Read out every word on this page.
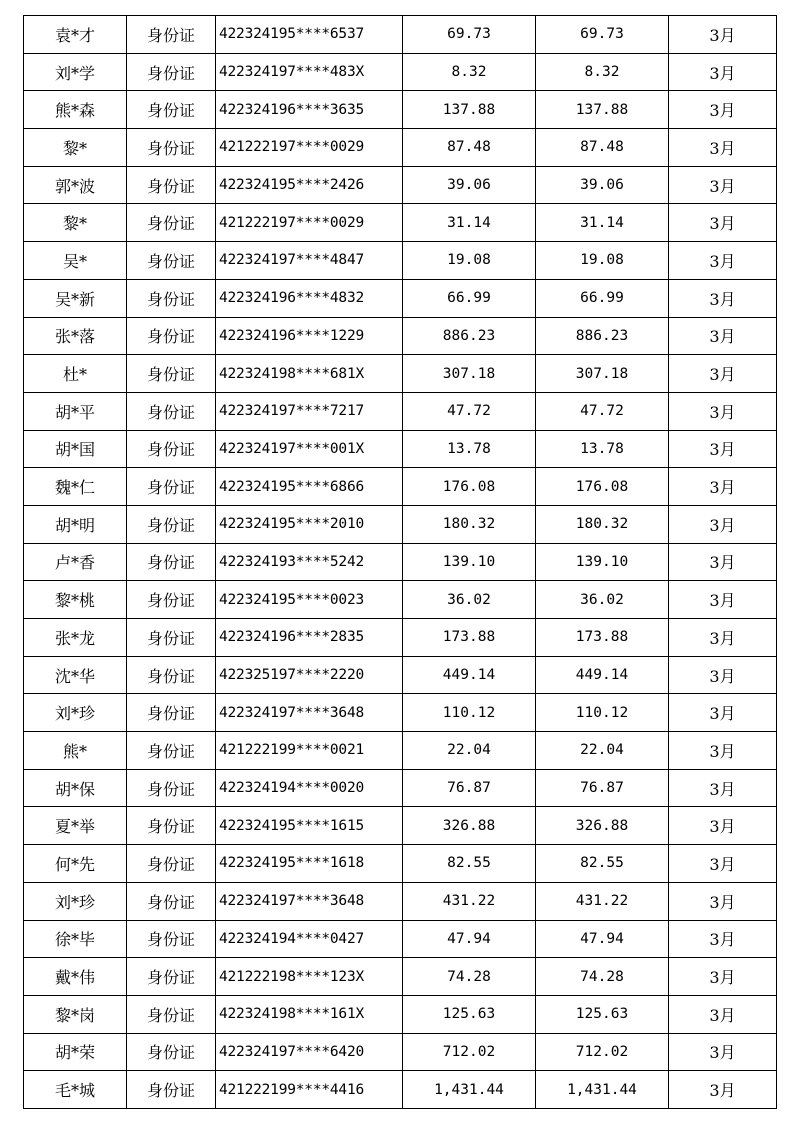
袁*才	身份证	422324195****6537	69.73	69.73	3月
刘*学	身份证	422324197****483X	8.32	8.32	3月
熊*森	身份证	422324196****3635	137.88	137.88	3月
黎*	身份证	421222197****0029	87.48	87.48	3月
郭*波	身份证	422324195****2426	39.06	39.06	3月
黎*	身份证	421222197****0029	31.14	31.14	3月
吴*	身份证	422324197****4847	19.08	19.08	3月
吴*新	身份证	422324196****4832	66.99	66.99	3月
张*落	身份证	422324196****1229	886.23	886.23	3月
杜*	身份证	422324198****681X	307.18	307.18	3月
胡*平	身份证	422324197****7217	47.72	47.72	3月
胡*国	身份证	422324197****001X	13.78	13.78	3月
魏*仁	身份证	422324195****6866	176.08	176.08	3月
胡*明	身份证	422324195****2010	180.32	180.32	3月
卢*香	身份证	422324193****5242	139.10	139.10	3月
黎*桃	身份证	422324195****0023	36.02	36.02	3月
张*龙	身份证	422324196****2835	173.88	173.88	3月
沈*华	身份证	422325197****2220	449.14	449.14	3月
刘*珍	身份证	422324197****3648	110.12	110.12	3月
熊*	身份证	421222199****0021	22.04	22.04	3月
胡*保	身份证	422324194****0020	76.87	76.87	3月
夏*举	身份证	422324195****1615	326.88	326.88	3月
何*先	身份证	422324195****1618	82.55	82.55	3月
刘*珍	身份证	422324197****3648	431.22	431.22	3月
徐*毕	身份证	422324194****0427	47.94	47.94	3月
戴*伟	身份证	421222198****123X	74.28	74.28	3月
黎*岗	身份证	422324198****161X	125.63	125.63	3月
胡*荣	身份证	422324197****6420	712.02	712.02	3月
毛*城	身份证	421222199****4416	1,431.44	1,431.44	3月
